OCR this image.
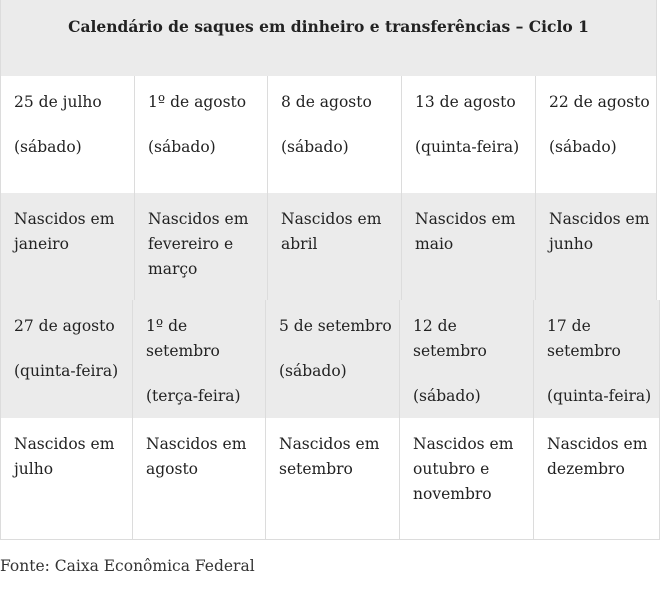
Calendário de saques em dinheiro e transferências – Ciclo 1
25 de julho
(sábado)
1º de agosto
(sábado)
8 de agosto
(sábado)
13 de agosto
(quinta-feira)
22 de agosto
(sábado)
Nascidos em
janeiro
Nascidos em
fevereiro e
março
Nascidos em
abril
Nascidos em
maio
Nascidos em
junho
27 de agosto
(quinta-feira)
1º de setembro
(terça-feira)
5 de setembro
(sábado)
12 de setembro
(sábado)
17 de setembro
(quinta-feira)
Nascidos em
julho
Nascidos em
agosto
Nascidos em
setembro
Nascidos em
outubro e
novembro
Nascidos em
dezembro
Fonte: Caixa Econômica Federal
